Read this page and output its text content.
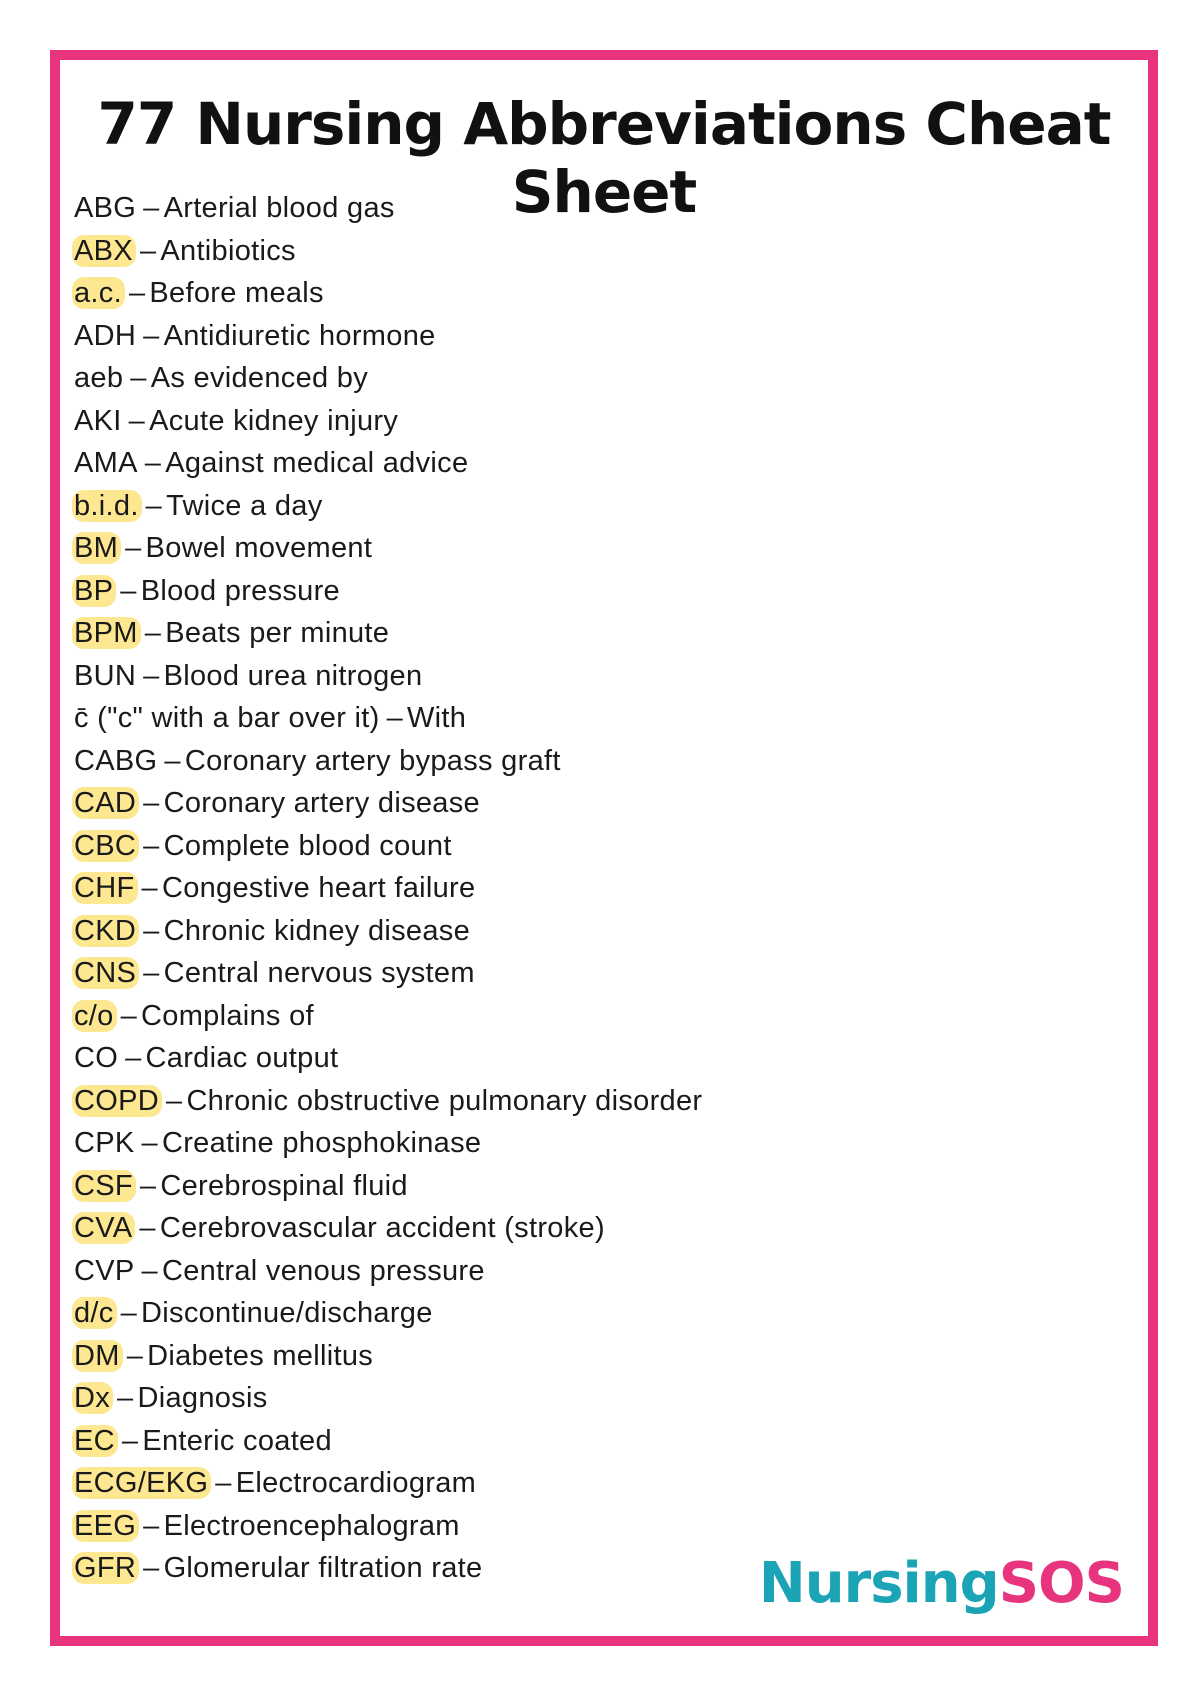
77 Nursing Abbreviations Cheat Sheet
ABG – Arterial blood gas
ABX – Antibiotics
a.c. – Before meals
ADH – Antidiuretic hormone
aeb – As evidenced by
AKI – Acute kidney injury
AMA – Against medical advice
b.i.d. – Twice a day
BM – Bowel movement
BP – Blood pressure
BPM – Beats per minute
BUN – Blood urea nitrogen
c̄ ("c" with a bar over it) – With
CABG – Coronary artery bypass graft
CAD – Coronary artery disease
CBC – Complete blood count
CHF – Congestive heart failure
CKD – Chronic kidney disease
CNS – Central nervous system
c/o – Complains of
CO – Cardiac output
COPD – Chronic obstructive pulmonary disorder
CPK – Creatine phosphokinase
CSF – Cerebrospinal fluid
CVA – Cerebrovascular accident (stroke)
CVP – Central venous pressure
d/c – Discontinue/discharge
DM – Diabetes mellitus
Dx – Diagnosis
EC – Enteric coated
ECG/EKG – Electrocardiogram
EEG – Electroencephalogram
GFR – Glomerular filtration rate	NursingSOS
